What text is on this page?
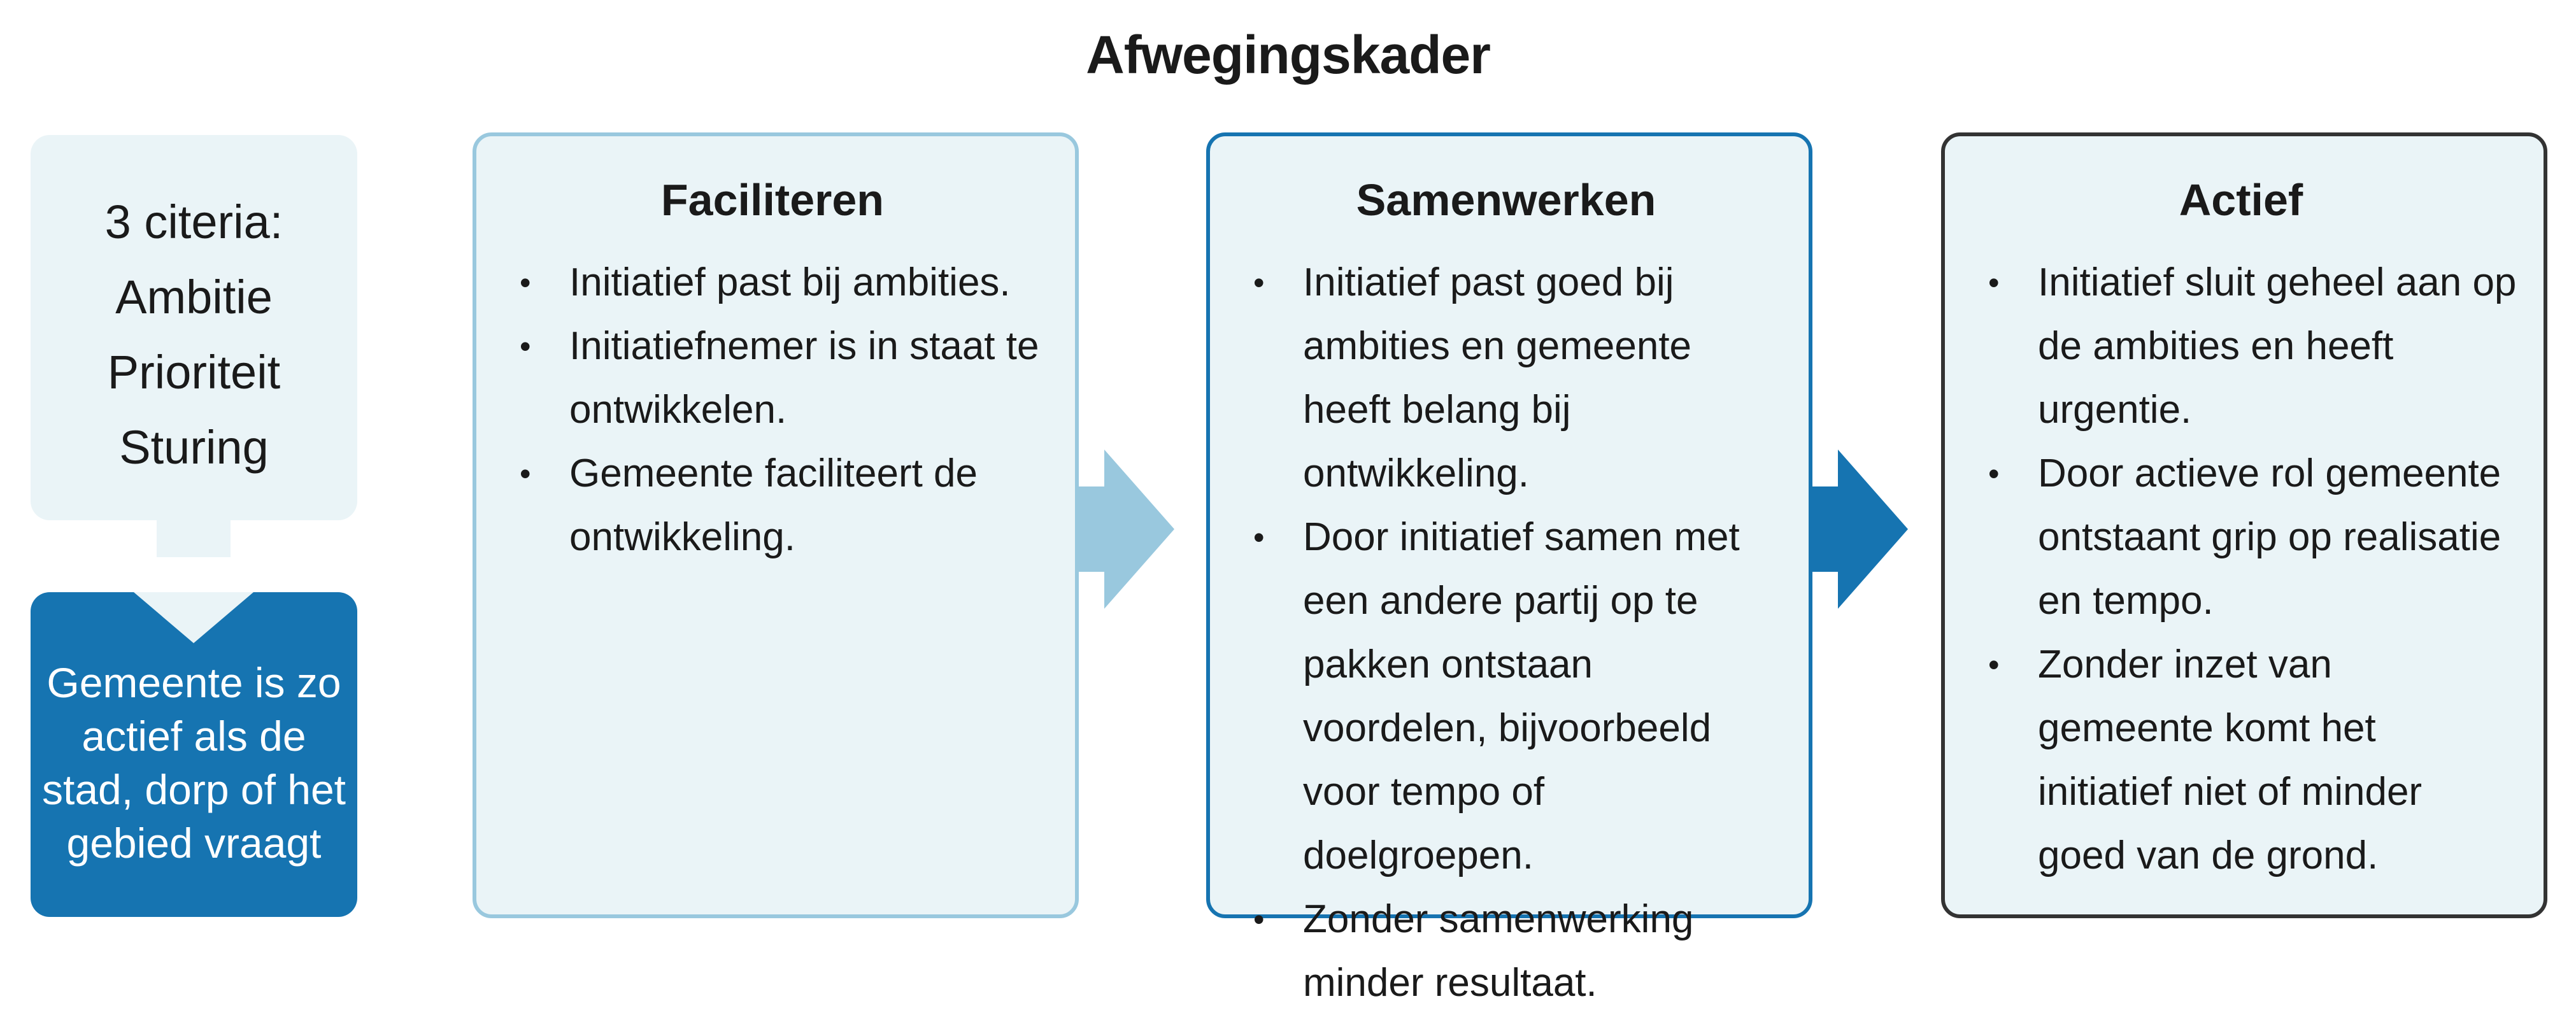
Afwegingskader
3 citeria:
Ambitie
Prioriteit
Sturing
Gemeente is zo actief als de stad, dorp of het gebied vraagt
Faciliteren
• Initiatief past bij ambities.
• Initiatiefnemer is in staat te ontwikkelen.
• Gemeente faciliteert de ontwikkeling.
Samenwerken
• Initiatief past goed bij ambities en gemeente heeft belang bij ontwikkeling.
• Door initiatief samen met een andere partij op te pakken ontstaan voordelen, bijvoorbeeld voor tempo of doelgroepen.
• Zonder samenwerking minder resultaat.
Actief
• Initiatief sluit geheel aan op de ambities en heeft urgentie.
• Door actieve rol gemeente ontstaant grip op realisatie en tempo.
• Zonder inzet van gemeente komt het initiatief niet of minder goed van de grond.
